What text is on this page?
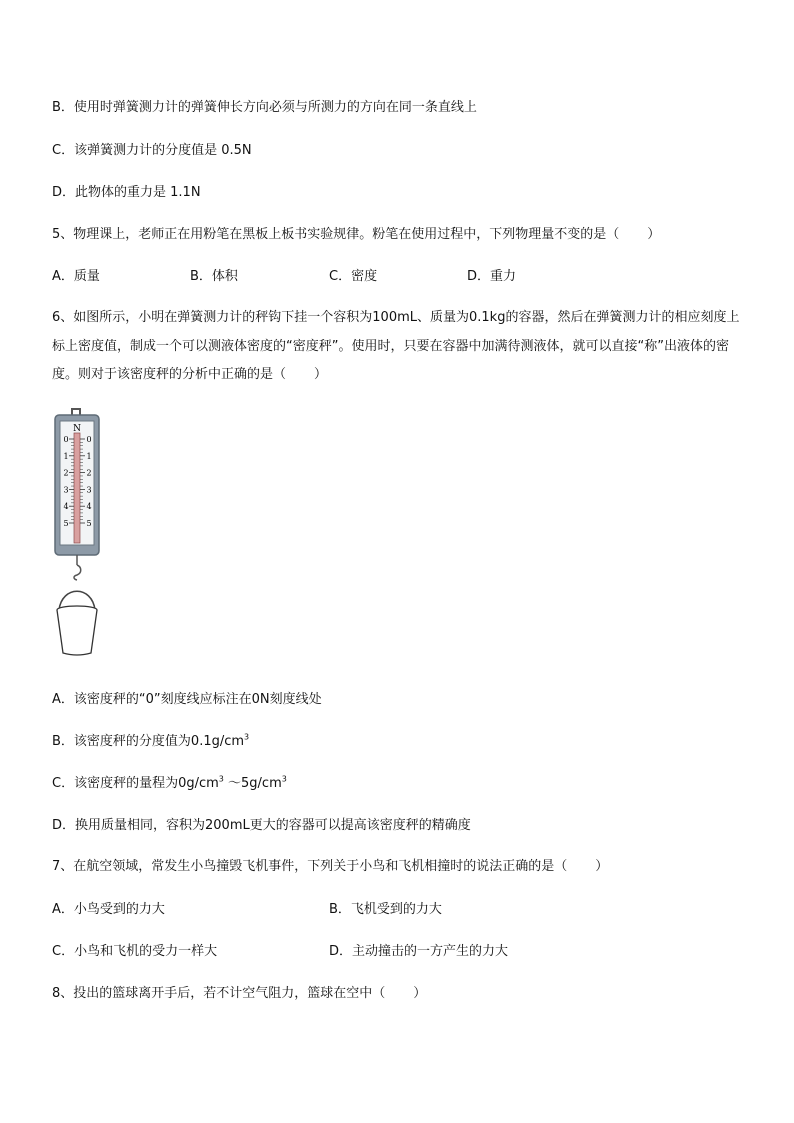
B．使用时弹簧测力计的弹簧伸长方向必须与所测力的方向在同一条直线上
C．该弹簧测力计的分度值是 0.5N
D．此物体的重力是 1.1N
5、物理课上，老师正在用粉笔在黑板上板书实验规律。粉笔在使用过程中，下列物理量不变的是（ ）
A．质量	B．体积	C．密度	D．重力
6、如图所示，小明在弹簧测力计的秤钩下挂一个容积为100mL、质量为0.1kg的容器，然后在弹簧测力计的相应刻度上标上密度值，制成一个可以测液体密度的“密度秤”。使用时，只要在容器中加满待测液体，就可以直接“称”出液体的密度。则对于该密度秤的分析中正确的是（ ）
N
0
1
2
3
4
5
0
1
2
3
4
5
A．该密度秤的“0”刻度线应标注在0N刻度线处
B．该密度秤的分度值为$0.1g/cm^3$
C．该密度秤的量程为$0g/cm^3$ $\sim 5g/cm^3$
D．换用质量相同，容积为200mL更大的容器可以提高该密度秤的精确度
7、在航空领域，常发生小鸟撞毁飞机事件，下列关于小鸟和飞机相撞时的说法正确的是（ ）
A．小鸟受到的力大	B．飞机受到的力大
C．小鸟和飞机的受力一样大	D．主动撞击的一方产生的力大
8、投出的篮球离开手后，若不计空气阻力，篮球在空中（ ）
